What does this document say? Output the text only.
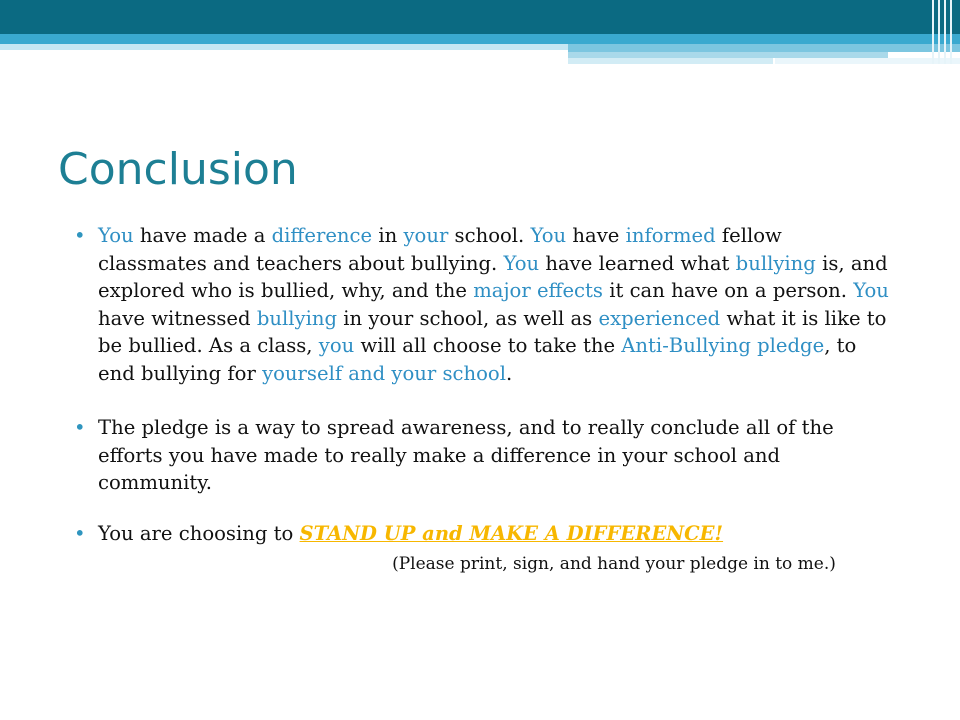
Conclusion
• You have made a difference in your school. You have informed fellow classmates and teachers about bullying. You have learned what bullying is, and explored who is bullied, why, and the major effects it can have on a person. You have witnessed bullying in your school, as well as experienced what it is like to be bullied. As a class, you will all choose to take the Anti-Bullying pledge, to end bullying for yourself and your school.
• The pledge is a way to spread awareness, and to really conclude all of the efforts you have made to really make a difference in your school and community.
• You are choosing to STAND UP and MAKE A DIFFERENCE!
(Please print, sign, and hand your pledge in to me.)
